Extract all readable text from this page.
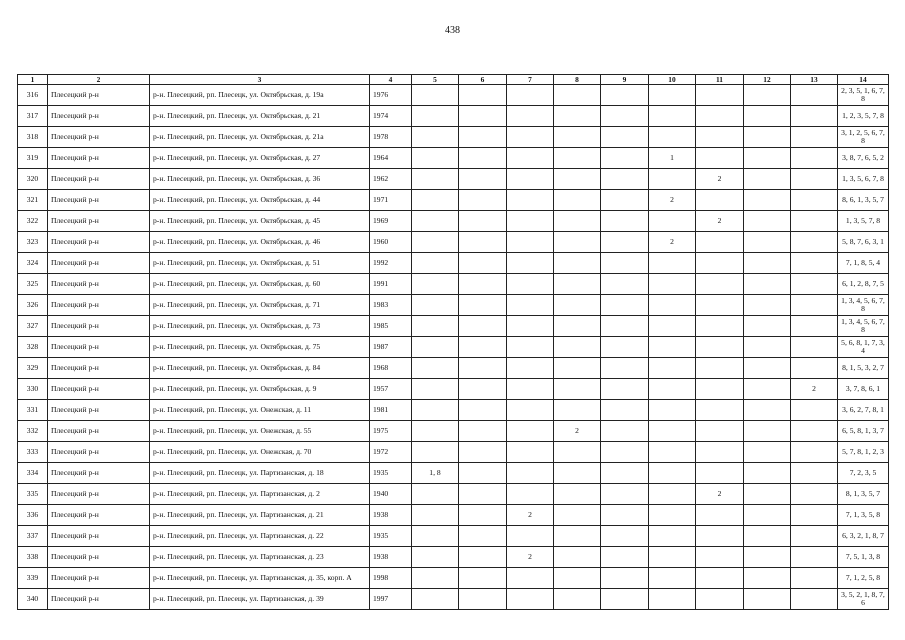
438
1	2	3	4	5	6	7	8	9	10	11	12	13	14
316	Плесецкий р-н	р-н. Плесецкий, рп. Плесецк, ул. Октябрьская, д. 19а	1976										2, 3, 5, 1, 6, 7, 8
317	Плесецкий р-н	р-н. Плесецкий, рп. Плесецк, ул. Октябрьская, д. 21	1974										1, 2, 3, 5, 7, 8
318	Плесецкий р-н	р-н. Плесецкий, рп. Плесецк, ул. Октябрьская, д. 21а	1978										3, 1, 2, 5, 6, 7, 8
319	Плесецкий р-н	р-н. Плесецкий, рп. Плесецк, ул. Октябрьская, д. 27	1964						1				3, 8, 7, 6, 5, 2
320	Плесецкий р-н	р-н. Плесецкий, рп. Плесецк, ул. Октябрьская, д. 36	1962							2			1, 3, 5, 6, 7, 8
321	Плесецкий р-н	р-н. Плесецкий, рп. Плесецк, ул. Октябрьская, д. 44	1971						2				8, 6, 1, 3, 5, 7
322	Плесецкий р-н	р-н. Плесецкий, рп. Плесецк, ул. Октябрьская, д. 45	1969							2			1, 3, 5, 7, 8
323	Плесецкий р-н	р-н. Плесецкий, рп. Плесецк, ул. Октябрьская, д. 46	1960						2				5, 8, 7, 6, 3, 1
324	Плесецкий р-н	р-н. Плесецкий, рп. Плесецк, ул. Октябрьская, д. 51	1992										7, 1, 8, 5, 4
325	Плесецкий р-н	р-н. Плесецкий, рп. Плесецк, ул. Октябрьская, д. 60	1991										6, 1, 2, 8, 7, 5
326	Плесецкий р-н	р-н. Плесецкий, рп. Плесецк, ул. Октябрьская, д. 71	1983										1, 3, 4, 5, 6, 7, 8
327	Плесецкий р-н	р-н. Плесецкий, рп. Плесецк, ул. Октябрьская, д. 73	1985										1, 3, 4, 5, 6, 7, 8
328	Плесецкий р-н	р-н. Плесецкий, рп. Плесецк, ул. Октябрьская, д. 75	1987										5, 6, 8, 1, 7, 3, 4
329	Плесецкий р-н	р-н. Плесецкий, рп. Плесецк, ул. Октябрьская, д. 84	1968										8, 1, 5, 3, 2, 7
330	Плесецкий р-н	р-н. Плесецкий, рп. Плесецк, ул. Октябрьская, д. 9	1957									2	3, 7, 8, 6, 1
331	Плесецкий р-н	р-н. Плесецкий, рп. Плесецк, ул. Онежская, д. 11	1981										3, 6, 2, 7, 8, 1
332	Плесецкий р-н	р-н. Плесецкий, рп. Плесецк, ул. Онежская, д. 55	1975				2						6, 5, 8, 1, 3, 7
333	Плесецкий р-н	р-н. Плесецкий, рп. Плесецк, ул. Онежская, д. 70	1972										5, 7, 8, 1, 2, 3
334	Плесецкий р-н	р-н. Плесецкий, рп. Плесецк, ул. Партизанская, д. 18	1935	1, 8									7, 2, 3, 5
335	Плесецкий р-н	р-н. Плесецкий, рп. Плесецк, ул. Партизанская, д. 2	1940							2			8, 1, 3, 5, 7
336	Плесецкий р-н	р-н. Плесецкий, рп. Плесецк, ул. Партизанская, д. 21	1938			2							7, 1, 3, 5, 8
337	Плесецкий р-н	р-н. Плесецкий, рп. Плесецк, ул. Партизанская, д. 22	1935										6, 3, 2, 1, 8, 7
338	Плесецкий р-н	р-н. Плесецкий, рп. Плесецк, ул. Партизанская, д. 23	1938			2							7, 5, 1, 3, 8
339	Плесецкий р-н	р-н. Плесецкий, рп. Плесецк, ул. Партизанская, д. 35, корп. А	1998										7, 1, 2, 5, 8
340	Плесецкий р-н	р-н. Плесецкий, рп. Плесецк, ул. Партизанская, д. 39	1997										3, 5, 2, 1, 8, 7, 6
